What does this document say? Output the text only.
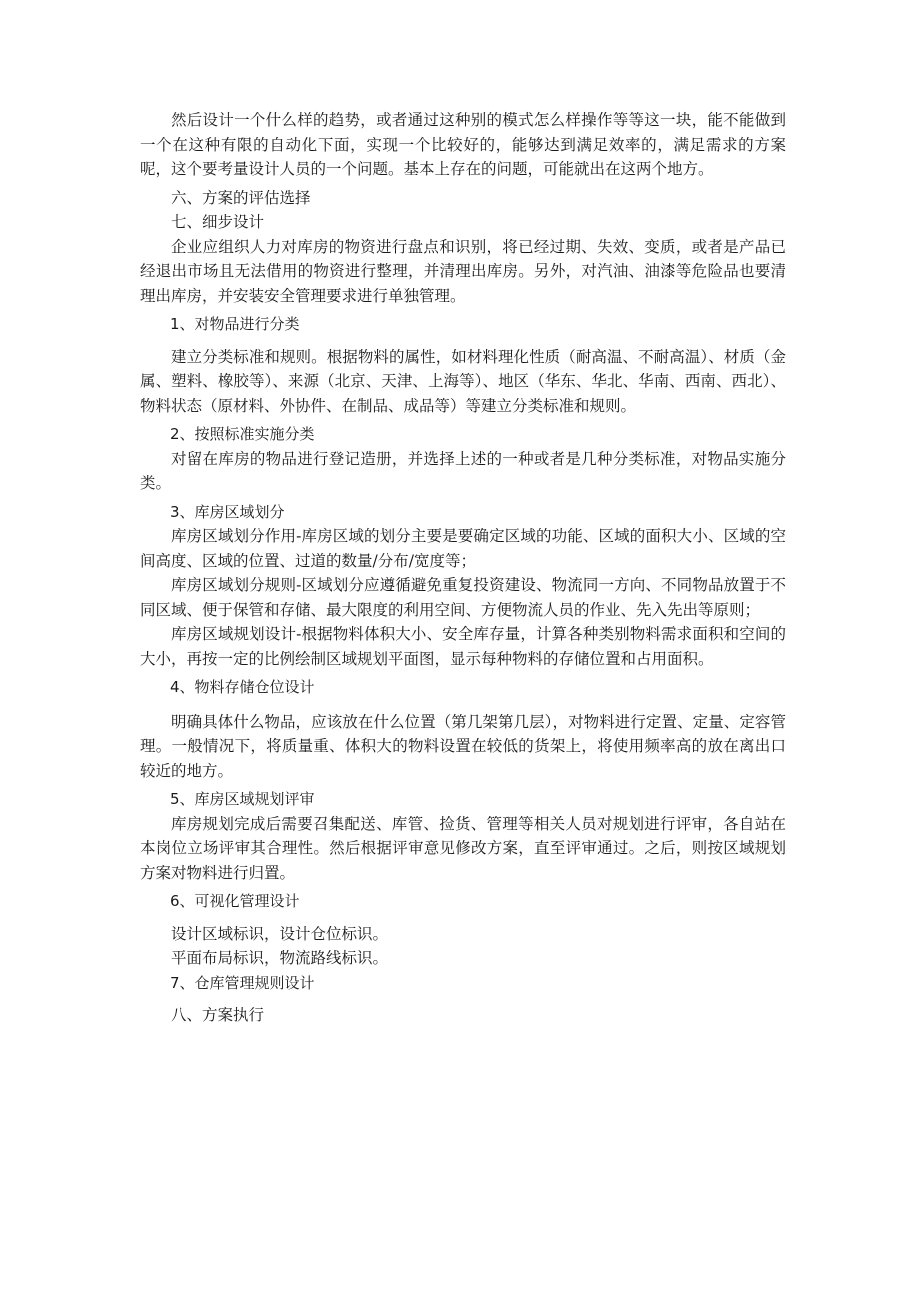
然后设计一个什么样的趋势，或者通过这种别的模式怎么样操作等等这一块，能不能做到一个在这种有限的自动化下面，实现一个比较好的，能够达到满足效率的，满足需求的方案呢，这个要考量设计人员的一个问题。基本上存在的问题，可能就出在这两个地方。

六、方案的评估选择

七、细步设计

企业应组织人力对库房的物资进行盘点和识别，将已经过期、失效、变质，或者是产品已经退出市场且无法借用的物资进行整理，并清理出库房。另外，对汽油、油漆等危险品也要清理出库房，并安装安全管理要求进行单独管理。

1、对物品进行分类

建立分类标准和规则。根据物料的属性，如材料理化性质（耐高温、不耐高温）、材质（金属、塑料、橡胶等）、来源（北京、天津、上海等）、地区（华东、华北、华南、西南、西北）、物料状态（原材料、外协件、在制品、成品等）等建立分类标准和规则。

2、按照标准实施分类

对留在库房的物品进行登记造册，并选择上述的一种或者是几种分类标准，对物品实施分类。

3、库房区域划分

库房区域划分作用-库房区域的划分主要是要确定区域的功能、区域的面积大小、区域的空间高度、区域的位置、过道的数量/分布/宽度等；

库房区域划分规则-区域划分应遵循避免重复投资建设、物流同一方向、不同物品放置于不同区域、便于保管和存储、最大限度的利用空间、方便物流人员的作业、先入先出等原则；

库房区域规划设计-根据物料体积大小、安全库存量，计算各种类别物料需求面积和空间的大小，再按一定的比例绘制区域规划平面图，显示每种物料的存储位置和占用面积。

4、物料存储仓位设计

明确具体什么物品，应该放在什么位置（第几架第几层），对物料进行定置、定量、定容管理。一般情况下，将质量重、体积大的物料设置在较低的货架上，将使用频率高的放在离出口较近的地方。

5、库房区域规划评审

库房规划完成后需要召集配送、库管、捡货、管理等相关人员对规划进行评审，各自站在本岗位立场评审其合理性。然后根据评审意见修改方案，直至评审通过。之后，则按区域规划方案对物料进行归置。

6、可视化管理设计

设计区域标识，设计仓位标识。

平面布局标识，物流路线标识。

7、仓库管理规则设计

八、方案执行
